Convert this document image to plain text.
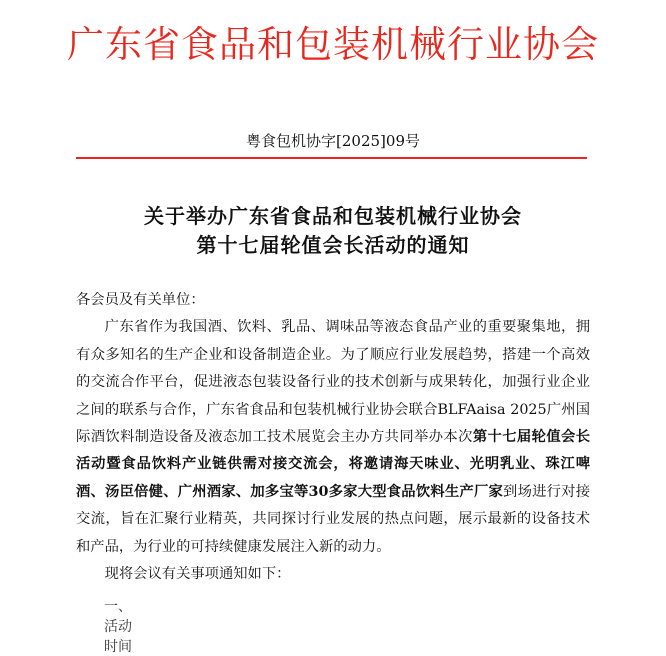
广东省食品和包装机械行业协会
粤食包机协字[2025]09号
关于举办广东省食品和包装机械行业协会
第十七届轮值会长活动的通知

各会员及有关单位：

广东省作为我国酒、饮料、乳品、调味品等液态食品产业的重要聚集地，拥有众多知名的生产企业和设备制造企业。为了顺应行业发展趋势，搭建一个高效的交流合作平台，促进液态包装设备行业的技术创新与成果转化，加强行业企业之间的联系与合作，广东省食品和包装机械行业协会联合BLFAaisa 2025广州国际酒饮料制造设备及液态加工技术展览会主办方共同举办本次第十七届轮值会长活动暨食品饮料产业链供需对接交流会，将邀请海天味业、光明乳业、珠江啤酒、汤臣倍健、广州酒家、加多宝等30多家大型食品饮料生产厂家到场进行对接交流，旨在汇聚行业精英，共同探讨行业发展的热点问题，展示最新的设备技术和产品，为行业的可持续健康发展注入新的动力。

现将会议有关事项通知如下：

一、活动时间
